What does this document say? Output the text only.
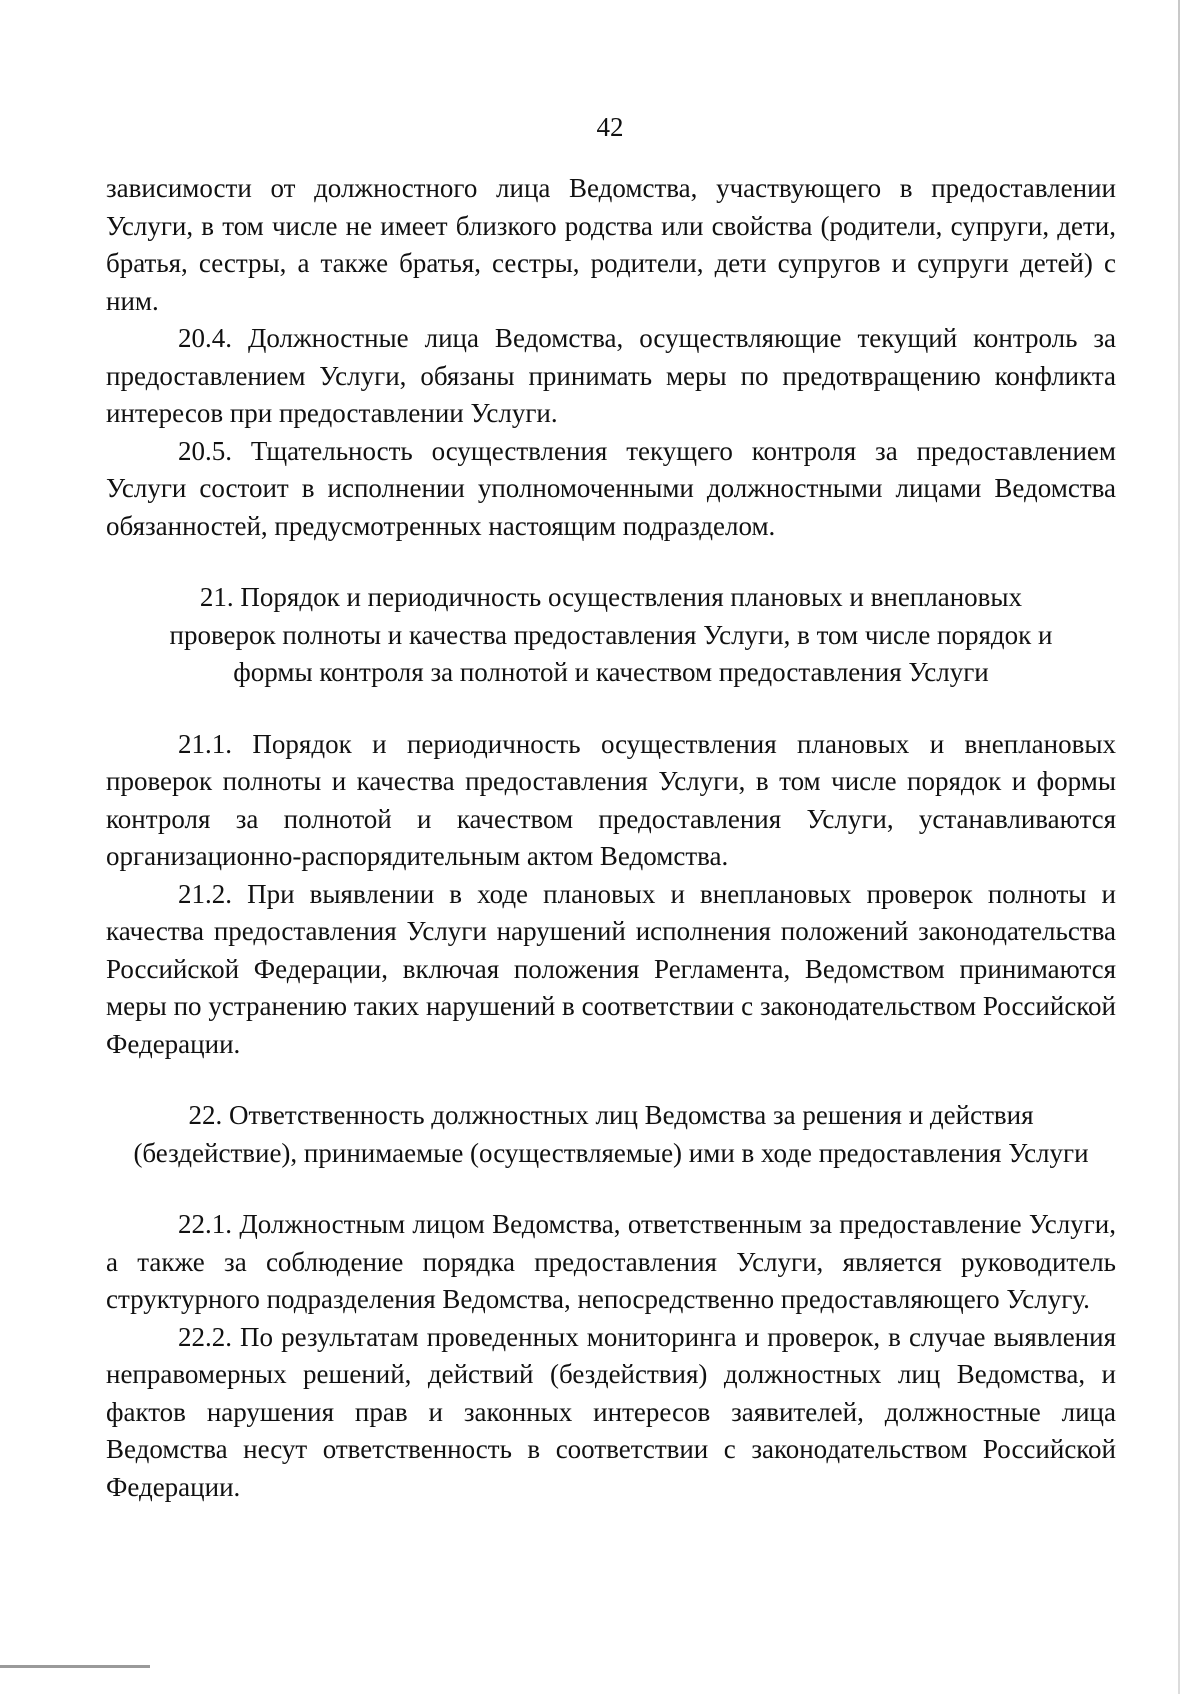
42

зависимости от должностного лица Ведомства, участвующего в предоставлении Услуги, в том числе не имеет близкого родства или свойства (родители, супруги, дети, братья, сестры, а также братья, сестры, родители, дети супругов и супруги детей) с ним.

20.4. Должностные лица Ведомства, осуществляющие текущий контроль за предоставлением Услуги, обязаны принимать меры по предотвращению конфликта интересов при предоставлении Услуги.

20.5. Тщательность осуществления текущего контроля за предоставлением Услуги состоит в исполнении уполномоченными должностными лицами Ведомства обязанностей, предусмотренных настоящим подразделом.

21. Порядок и периодичность осуществления плановых и внеплановых проверок полноты и качества предоставления Услуги, в том числе порядок и формы контроля за полнотой и качеством предоставления Услуги

21.1. Порядок и периодичность осуществления плановых и внеплановых проверок полноты и качества предоставления Услуги, в том числе порядок и формы контроля за полнотой и качеством предоставления Услуги, устанавливаются организационно-распорядительным актом Ведомства.

21.2. При выявлении в ходе плановых и внеплановых проверок полноты и качества предоставления Услуги нарушений исполнения положений законодательства Российской Федерации, включая положения Регламента, Ведомством принимаются меры по устранению таких нарушений в соответствии с законодательством Российской Федерации.

22. Ответственность должностных лиц Ведомства за решения и действия (бездействие), принимаемые (осуществляемые) ими в ходе предоставления Услуги

22.1. Должностным лицом Ведомства, ответственным за предоставление Услуги, а также за соблюдение порядка предоставления Услуги, является руководитель структурного подразделения Ведомства, непосредственно предоставляющего Услугу.

22.2. По результатам проведенных мониторинга и проверок, в случае выявления неправомерных решений, действий (бездействия) должностных лиц Ведомства, и фактов нарушения прав и законных интересов заявителей, должностные лица Ведомства несут ответственность в соответствии с законодательством Российской Федерации.
